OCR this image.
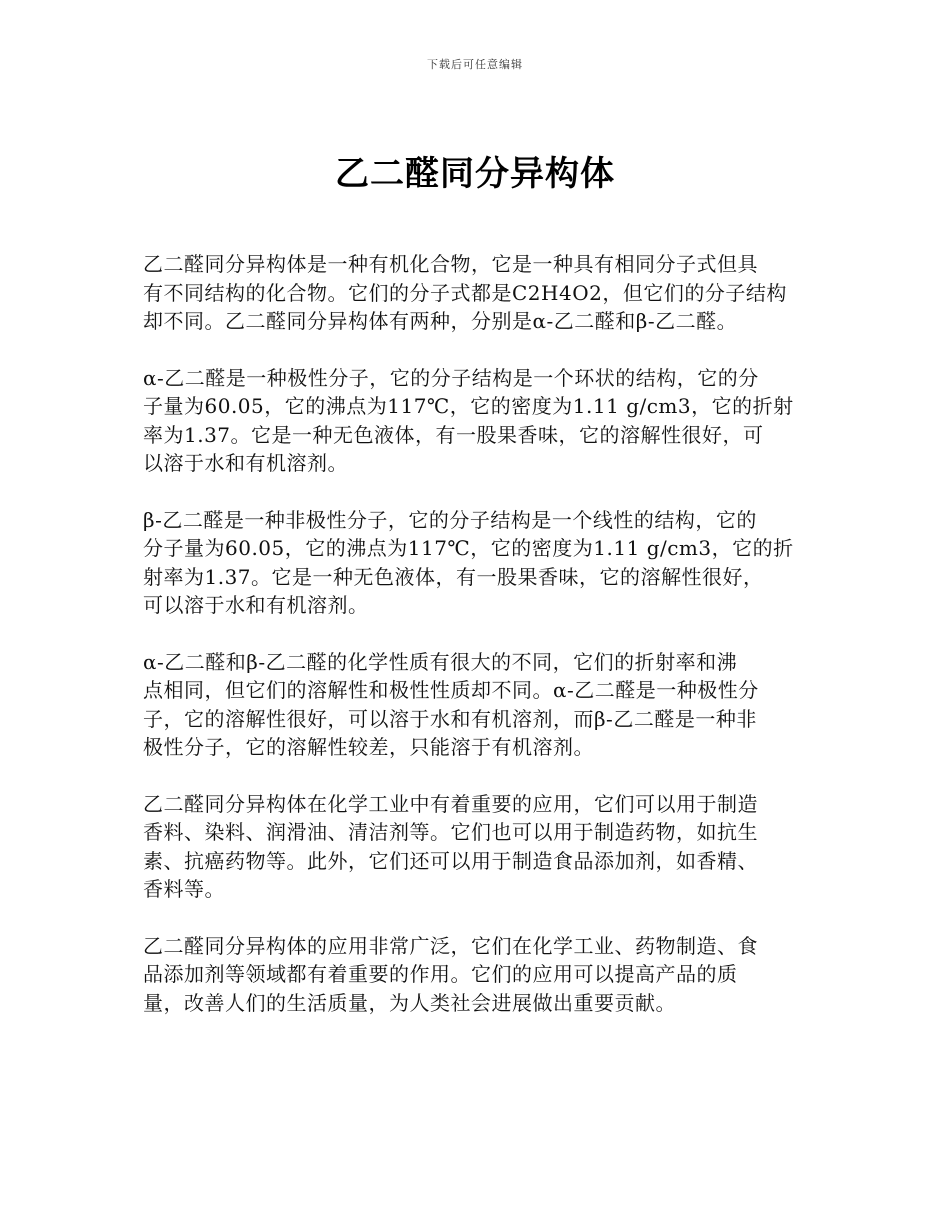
下载后可任意编辑
乙二醛同分异构体

乙二醛同分异构体是一种有机化合物，它是一种具有相同分子式但具
有不同结构的化合物。它们的分子式都是C2H4O2，但它们的分子结构
却不同。乙二醛同分异构体有两种，分别是α-乙二醛和β-乙二醛。

α-乙二醛是一种极性分子，它的分子结构是一个环状的结构，它的分
子量为60.05，它的沸点为117℃，它的密度为1.11 g/cm3，它的折射
率为1.37。它是一种无色液体，有一股果香味，它的溶解性很好，可
以溶于水和有机溶剂。

β-乙二醛是一种非极性分子，它的分子结构是一个线性的结构，它的
分子量为60.05，它的沸点为117℃，它的密度为1.11 g/cm3，它的折
射率为1.37。它是一种无色液体，有一股果香味，它的溶解性很好，
可以溶于水和有机溶剂。

α-乙二醛和β-乙二醛的化学性质有很大的不同，它们的折射率和沸
点相同，但它们的溶解性和极性性质却不同。α-乙二醛是一种极性分
子，它的溶解性很好，可以溶于水和有机溶剂，而β-乙二醛是一种非
极性分子，它的溶解性较差，只能溶于有机溶剂。

乙二醛同分异构体在化学工业中有着重要的应用，它们可以用于制造
香料、染料、润滑油、清洁剂等。它们也可以用于制造药物，如抗生
素、抗癌药物等。此外，它们还可以用于制造食品添加剂，如香精、
香料等。

乙二醛同分异构体的应用非常广泛，它们在化学工业、药物制造、食
品添加剂等领域都有着重要的作用。它们的应用可以提高产品的质
量，改善人们的生活质量，为人类社会进展做出重要贡献。
